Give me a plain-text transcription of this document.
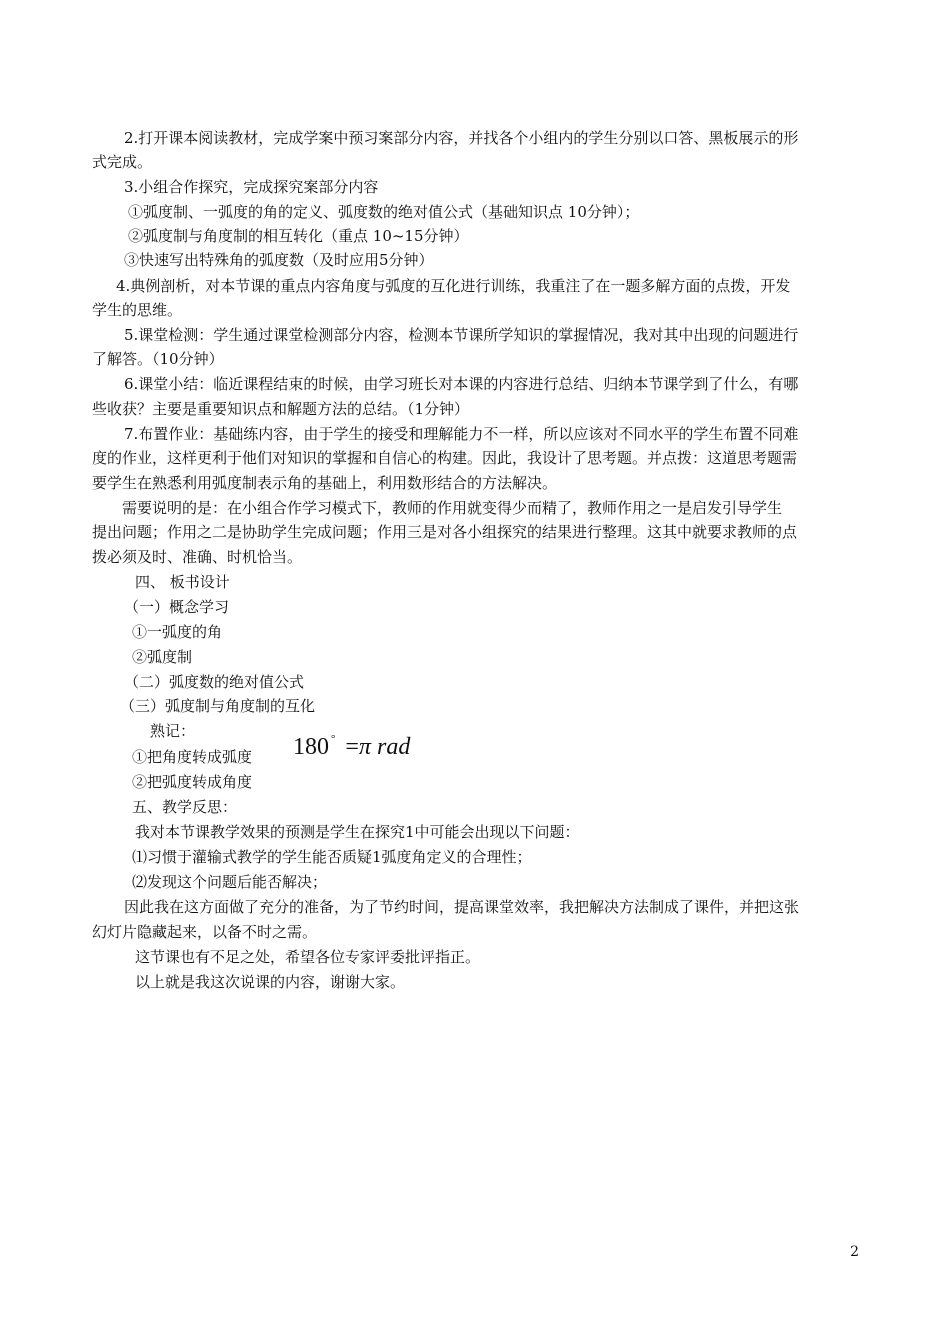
2.打开课本阅读教材，完成学案中预习案部分内容，并找各个小组内的学生分别以口答、黑板展示的形
式完成。
3.小组合作探究，完成探究案部分内容
①弧度制、一弧度的角的定义、弧度数的绝对值公式（基础知识点 10分钟）；
②弧度制与角度制的相互转化（重点 10~15分钟）
③快速写出特殊角的弧度数（及时应用5分钟）
4.典例剖析，对本节课的重点内容角度与弧度的互化进行训练，我重注了在一题多解方面的点拨，开发
学生的思维。
5.课堂检测：学生通过课堂检测部分内容，检测本节课所学知识的掌握情况，我对其中出现的问题进行
了解答。（10分钟）
6.课堂小结：临近课程结束的时候，由学习班长对本课的内容进行总结、归纳本节课学到了什么，有哪
些收获？主要是重要知识点和解题方法的总结。（1分钟）
7.布置作业：基础练内容，由于学生的接受和理解能力不一样，所以应该对不同水平的学生布置不同难
度的作业，这样更利于他们对知识的掌握和自信心的构建。因此，我设计了思考题。并点拨：这道思考题需
要学生在熟悉利用弧度制表示角的基础上，利用数形结合的方法解决。
需要说明的是：在小组合作学习模式下，教师的作用就变得少而精了，教师作用之一是启发引导学生
提出问题；作用之二是协助学生完成问题；作用三是对各小组探究的结果进行整理。这其中就要求教师的点
拨必须及时、准确、时机恰当。
四、 板书设计
（一）概念学习
①一弧度的角
②弧度制
（二）弧度数的绝对值公式
（三）弧度制与角度制的互化
熟记：
180 ° =π rad
①把角度转成弧度
②把弧度转成角度
五、教学反思：
我对本节课教学效果的预测是学生在探究1中可能会出现以下问题：
⑴习惯于灌输式教学的学生能否质疑1弧度角定义的合理性；
⑵发现这个问题后能否解决；
因此我在这方面做了充分的准备，为了节约时间，提高课堂效率，我把解决方法制成了课件，并把这张
幻灯片隐藏起来，以备不时之需。
这节课也有不足之处，希望各位专家评委批评指正。
以上就是我这次说课的内容，谢谢大家。
2
